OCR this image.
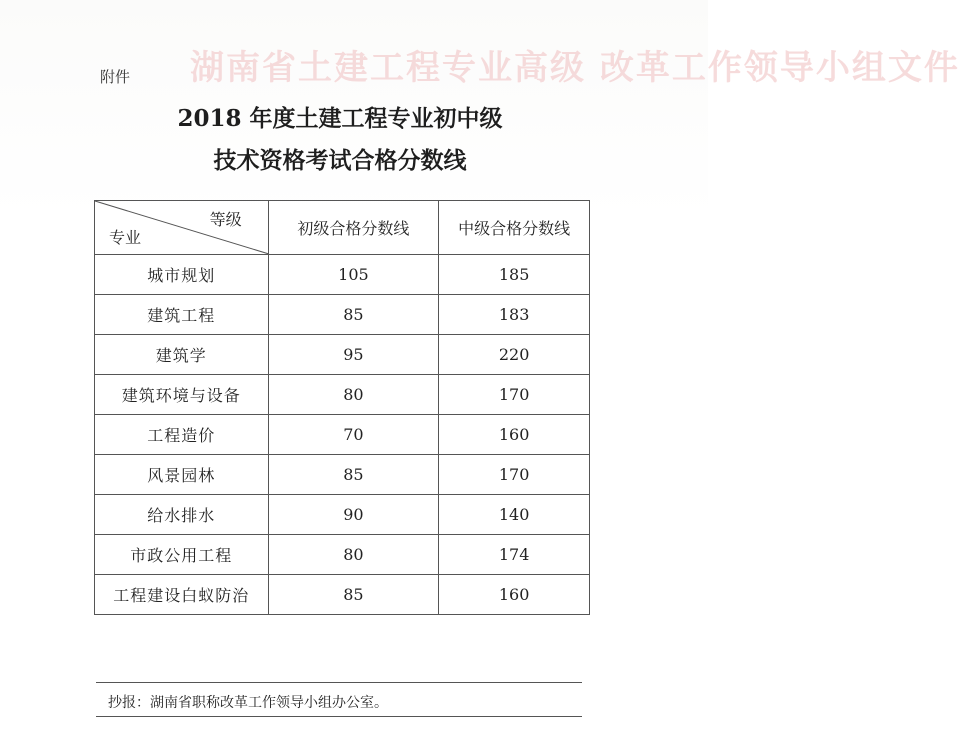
湖南省土建工程专业高级 改革工作领导小组文件
附件
2018 年度土建工程专业初中级
技术资格考试合格分数线
等级
专业	初级合格分数线	中级合格分数线
城市规划	105	185
建筑工程	85	183
建筑学	95	220
建筑环境与设备	80	170
工程造价	70	160
风景园林	85	170
给水排水	90	140
市政公用工程	80	174
工程建设白蚁防治	85	160
抄报：湖南省职称改革工作领导小组办公室。
